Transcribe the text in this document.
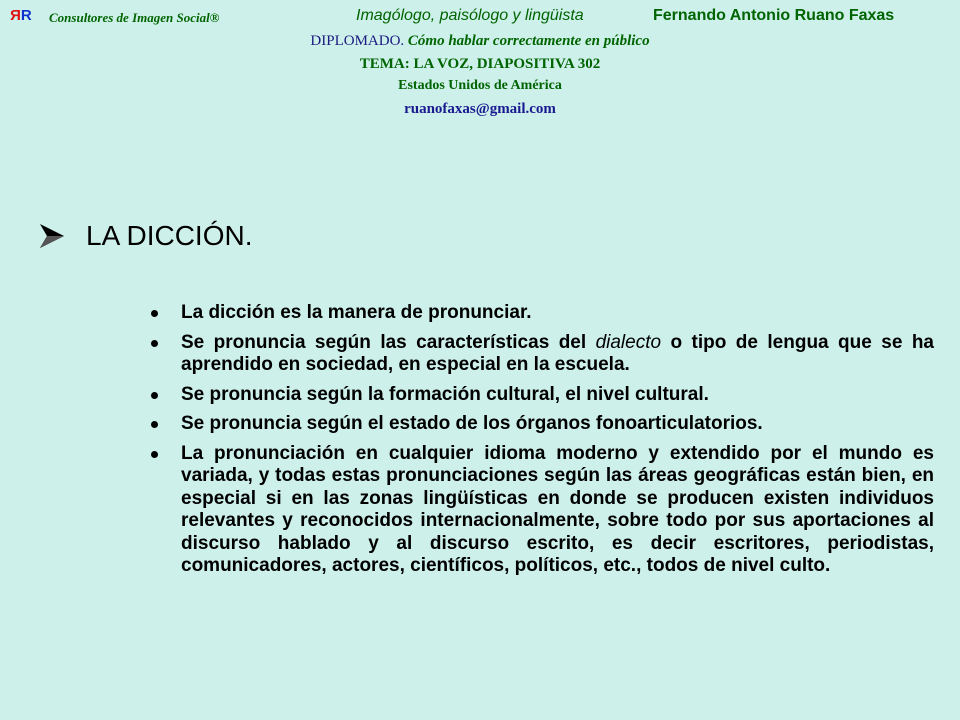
RR Consultores de Imagen Social®	Imagólogo, paisólogo y lingüista	Fernando Antonio Ruano Faxas
DIPLOMADO. Cómo hablar correctamente en público
TEMA: LA VOZ, DIAPOSITIVA 302
Estados Unidos de América
ruanofaxas@gmail.com
LA DICCIÓN.
La dicción es la manera de pronunciar.
Se pronuncia según las características del dialecto o tipo de lengua que se ha aprendido en sociedad, en especial en la escuela.
Se pronuncia según la formación cultural, el nivel cultural.
Se pronuncia según el estado de los órganos fonoarticulatorios.
La pronunciación en cualquier idioma moderno y extendido por el mundo es variada, y todas estas pronunciaciones según las áreas geográficas están bien, en especial si en las zonas lingüísticas en donde se producen existen individuos relevantes y reconocidos internacionalmente, sobre todo por sus aportaciones al discurso hablado y al discurso escrito, es decir escritores, periodistas, comunicadores, actores, científicos, políticos, etc., todos de nivel culto.
